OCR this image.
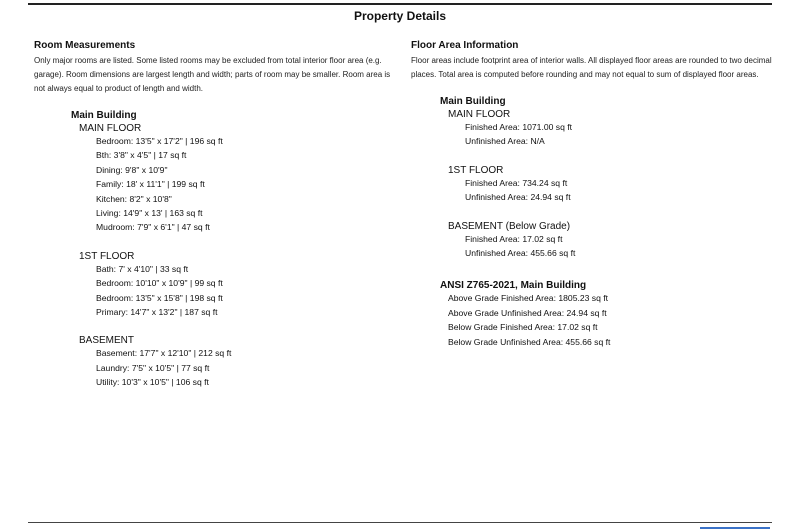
Property Details
Room Measurements

Only major rooms are listed. Some listed rooms may be excluded from total interior floor area (e.g. garage). Room dimensions are largest length and width; parts of room may be smaller. Room area is not always equal to product of length and width.

Main Building
MAIN FLOOR
Bedroom: 13'5" x 17'2" | 196 sq ft
Bth: 3'8" x 4'5" | 17 sq ft
Dining: 9'8" x 10'9"
Family: 18' x 11'1" | 199 sq ft
Kitchen: 8'2" x 10'8"
Living: 14'9" x 13' | 163 sq ft
Mudroom: 7'9" x 6'1" | 47 sq ft
1ST FLOOR
Bath: 7' x 4'10" | 33 sq ft
Bedroom: 10'10" x 10'9" | 99 sq ft
Bedroom: 13'5" x 15'8" | 198 sq ft
Primary: 14'7" x 13'2" | 187 sq ft
BASEMENT
Basement: 17'7" x 12'10" | 212 sq ft
Laundry: 7'5" x 10'5" | 77 sq ft
Utility: 10'3" x 10'5" | 106 sq ft
Floor Area Information

Floor areas include footprint area of interior walls. All displayed floor areas are rounded to two decimal places. Total area is computed before rounding and may not equal to sum of displayed floor areas.

Main Building
MAIN FLOOR
Finished Area: 1071.00 sq ft
Unfinished Area: N/A
1ST FLOOR
Finished Area: 734.24 sq ft
Unfinished Area: 24.94 sq ft
BASEMENT (Below Grade)
Finished Area: 17.02 sq ft
Unfinished Area: 455.66 sq ft
ANSI Z765-2021, Main Building
Above Grade Finished Area: 1805.23 sq ft
Above Grade Unfinished Area: 24.94 sq ft
Below Grade Finished Area: 17.02 sq ft
Below Grade Unfinished Area: 455.66 sq ft
